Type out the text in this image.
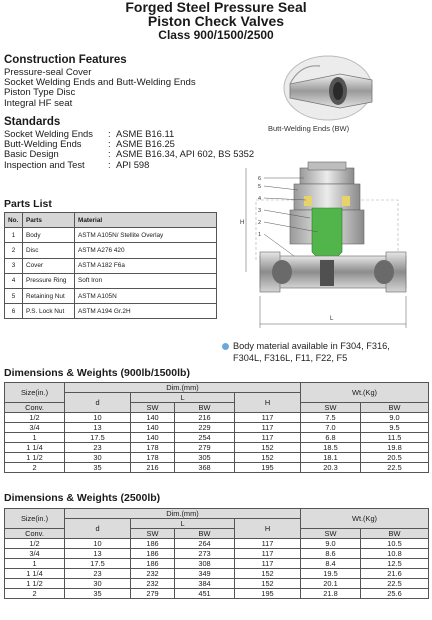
Forged Steel Pressure Seal
Piston Check Valves
Class 900/1500/2500
Construction Features
Pressure-seal Cover
Socket Welding Ends and Butt-Welding Ends
Piston Type Disc
Integral HF seat
Standards
Socket Welding Ends	: ASME B16.11
Butt-Welding Ends	: ASME B16.25
Basic Design	: ASME B16.34, API 602, BS 5352
Inspection and Test	: API 598
Butt-Welding Ends (BW)
6
5
4
3
2
1
H
L
Parts List
No.	Parts	Material
1	Body	ASTM A105N/ Stellite Overlay
2	Disc	ASTM A276 420
3	Cover	ASTM A182 F6a
4	Pressure Ring	Soft Iron
5	Retaining Nut	ASTM A105N
6	P.S. Lock Nut	ASTM A194 Gr.2H
Body material available in F304, F316,
F304L, F316L, F11, F22, F5
Dimensions & Weights (900lb/1500lb)
Size(in.)	Dim.(mm)				Wt.(Kg)	
	d	L		H		
Conv.		SW	BW		SW	BW
1/2	10	140	216	117	7.5	9.0
3/4	13	140	229	117	7.0	9.5
1	17.5	140	254	117	6.8	11.5
1 1/4	23	178	279	152	18.5	19.8
1 1/2	30	178	305	152	18.1	20.5
2	35	216	368	195	20.3	22.5
Dimensions & Weights (2500lb)
Size(in.)	Dim.(mm)				Wt.(Kg)	
	d	L		H		
Conv.		SW	BW		SW	BW
1/2	10	186	264	117	9.0	10.5
3/4	13	186	273	117	8.6	10.8
1	17.5	186	308	117	8.4	12.5
1 1/4	23	232	349	152	19.5	21.6
1 1/2	30	232	384	152	20.1	22.5
2	35	279	451	195	21.8	25.6
